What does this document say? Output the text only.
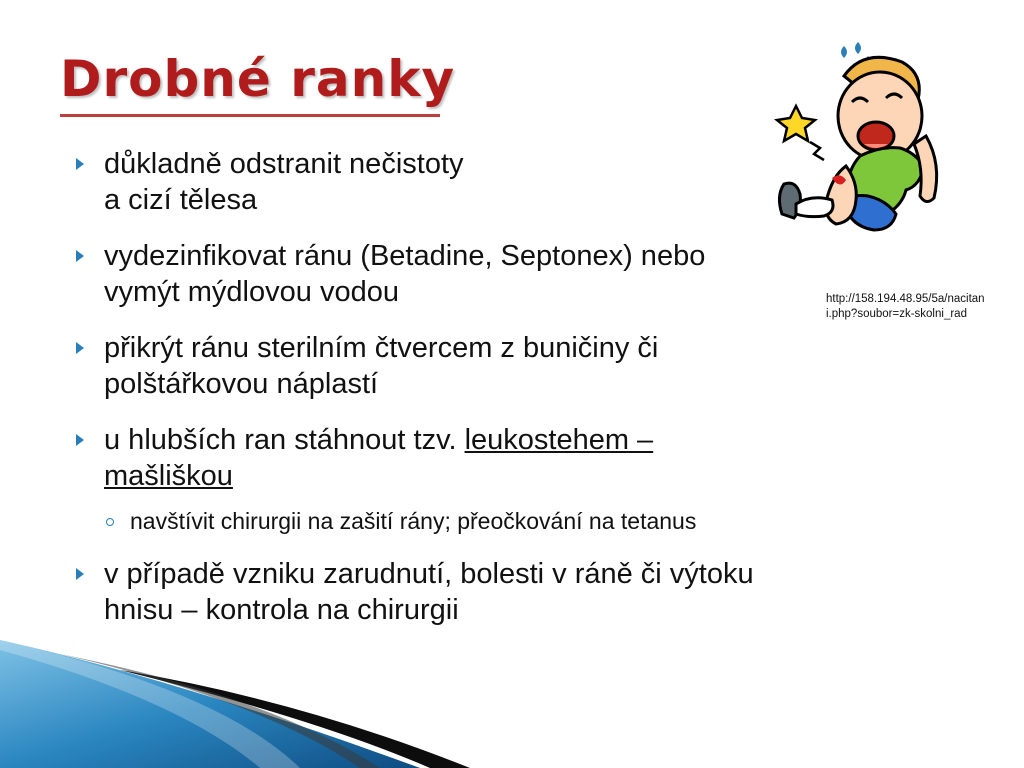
Drobné ranky
http://158.194.48.95/5a/nacitani.php?soubor=zk-skolni_rad
důkladně odstranit nečistoty
a cizí tělesa
vydezinfikovat ránu (Betadine, Septonex) nebo
vymýt mýdlovou vodou
přikrýt ránu sterilním čtvercem z buničiny či
polštářkovou náplastí
u hlubších ran stáhnout tzv. leukostehem –
mašliškou
navštívit chirurgii na zašití rány; přeočkování na tetanus
v případě vzniku zarudnutí, bolesti v ráně či výtoku
hnisu – kontrola na chirurgii
